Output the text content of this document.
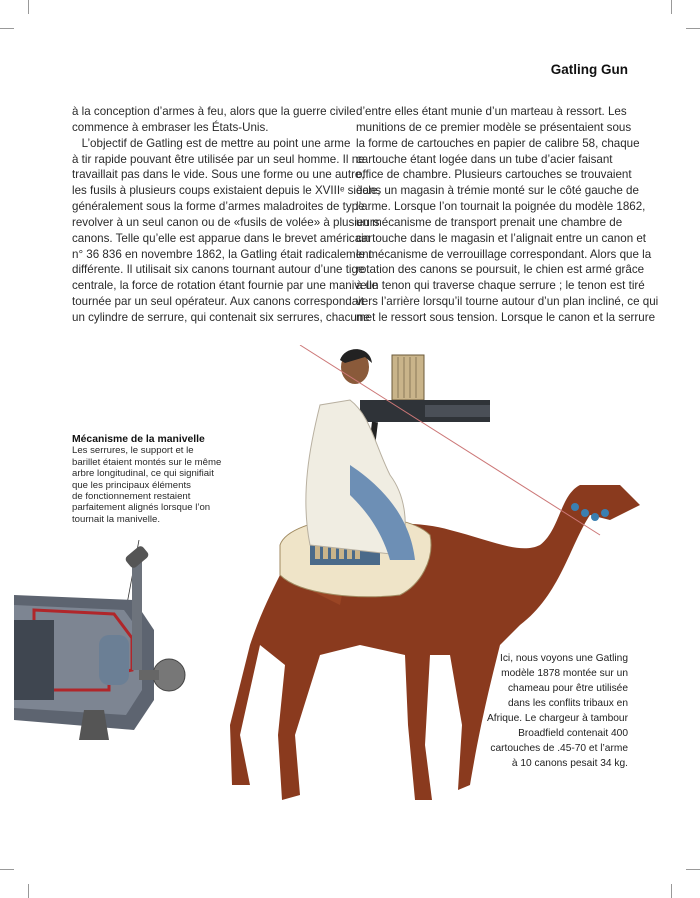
Gatling Gun
à la conception d’armes à feu, alors que la guerre civile
commence à embraser les États-Unis.
L’objectif de Gatling est de mettre au point une arme
à tir rapide pouvant être utilisée par un seul homme. Il ne
travaillait pas dans le vide. Sous une forme ou une autre,
les fusils à plusieurs coups existaient depuis le XVIIIᵉ siècle,
généralement sous la forme d’armes maladroites de type
revolver à un seul canon ou de «fusils de volée» à plusieurs
canons. Telle qu’elle est apparue dans le brevet américain
n° 36 836 en novembre 1862, la Gatling était radicalement
différente. Il utilisait six canons tournant autour d’une tige
centrale, la force de rotation étant fournie par une manivelle
tournée par un seul opérateur. Aux canons correspondait
un cylindre de serrure, qui contenait six serrures, chacune
d’entre elles étant munie d’un marteau à ressort. Les
munitions de ce premier modèle se présentaient sous
la forme de cartouches en papier de calibre 58, chaque
cartouche étant logée dans un tube d’acier faisant
office de chambre. Plusieurs cartouches se trouvaient
dans un magasin à trémie monté sur le côté gauche de
l’arme. Lorsque l’on tournait la poignée du modèle 1862,
un mécanisme de transport prenait une chambre de
cartouche dans le magasin et l’alignait entre un canon et
le mécanisme de verrouillage correspondant. Alors que la
rotation des canons se poursuit, le chien est armé grâce
à un tenon qui traverse chaque serrure ; le tenon est tiré
vers l’arrière lorsqu’il tourne autour d’un plan incliné, ce qui
met le ressort sous tension. Lorsque le canon et la serrure
Mécanisme de la manivelle
Les serrures, le support et le
barillet étaient montés sur le même
arbre longitudinal, ce qui signifiait
que les principaux éléments
de fonctionnement restaient
parfaitement alignés lorsque l’on
tournait la manivelle.
Ici, nous voyons une Gatling
modèle 1878 montée sur un
chameau pour être utilisée
dans les conflits tribaux en
Afrique. Le chargeur à tambour
Broadfield contenait 400
cartouches de .45-70 et l’arme
à 10 canons pesait 34 kg.
